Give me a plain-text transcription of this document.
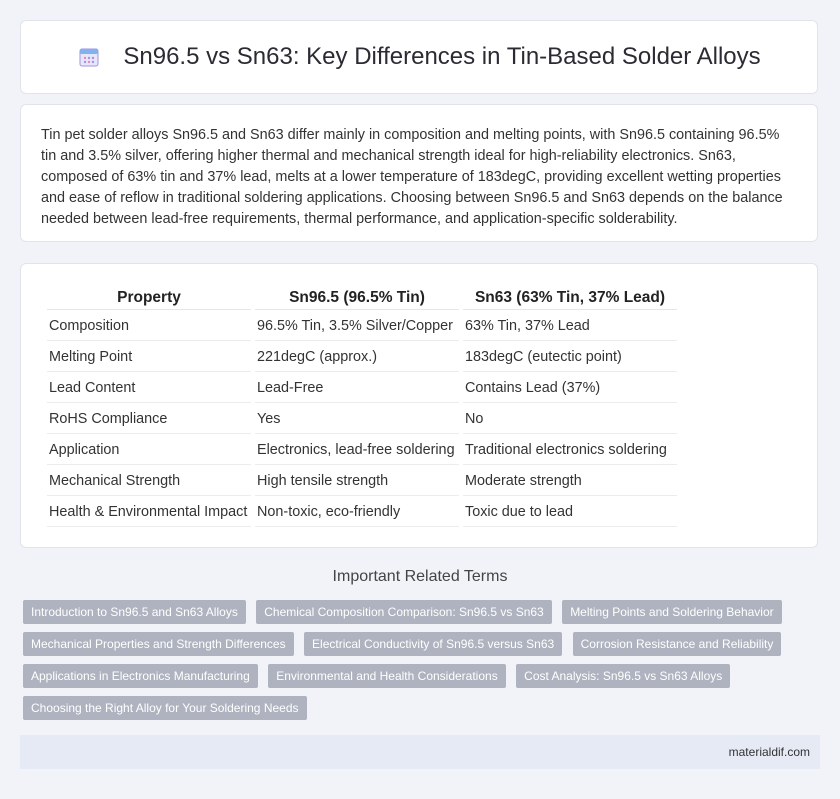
Sn96.5 vs Sn63: Key Differences in Tin-Based Solder Alloys

Tin pet solder alloys Sn96.5 and Sn63 differ mainly in composition and melting points, with Sn96.5 containing 96.5% tin and 3.5% silver, offering higher thermal and mechanical strength ideal for high-reliability electronics. Sn63, composed of 63% tin and 37% lead, melts at a lower temperature of 183degC, providing excellent wetting properties and ease of reflow in traditional soldering applications. Choosing between Sn96.5 and Sn63 depends on the balance needed between lead-free requirements, thermal performance, and application-specific solderability.

Property	Sn96.5 (96.5% Tin)	Sn63 (63% Tin, 37% Lead)
Composition	96.5% Tin, 3.5% Silver/Copper	63% Tin, 37% Lead
Melting Point	221degC (approx.)	183degC (eutectic point)
Lead Content	Lead-Free	Contains Lead (37%)
RoHS Compliance	Yes	No
Application	Electronics, lead-free soldering	Traditional electronics soldering
Mechanical Strength	High tensile strength	Moderate strength
Health & Environmental Impact	Non-toxic, eco-friendly	Toxic due to lead
Important Related Terms
Introduction to Sn96.5 and Sn63 Alloys Chemical Composition Comparison: Sn96.5 vs Sn63 Melting Points and Soldering Behavior Mechanical Properties and Strength Differences Electrical Conductivity of Sn96.5 versus Sn63 Corrosion Resistance and Reliability Applications in Electronics Manufacturing Environmental and Health Considerations Cost Analysis: Sn96.5 vs Sn63 Alloys Choosing the Right Alloy for Your Soldering Needs
materialdif.com
